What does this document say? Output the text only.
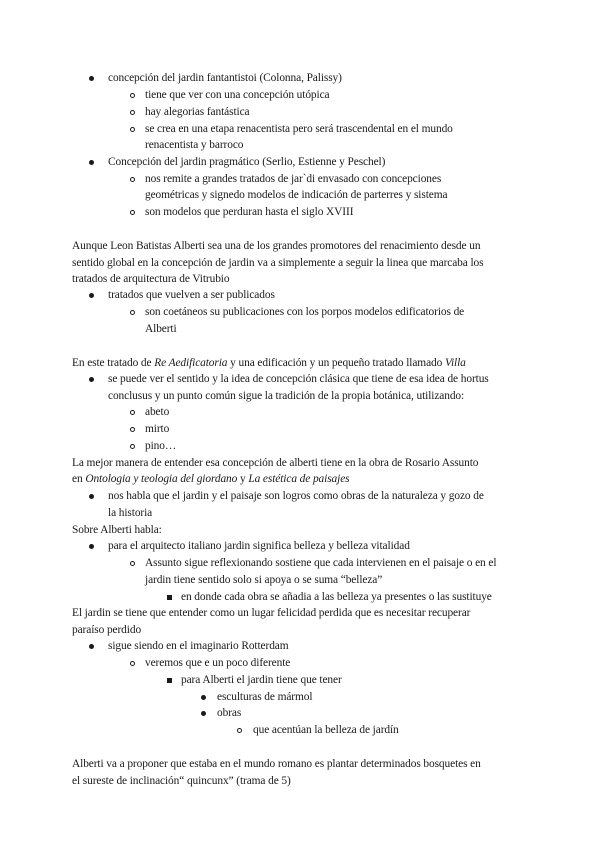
concepción del jardin fantantistoi (Colonna, Palissy)
tiene que ver con una concepción utópica
hay alegorias fantástica
se crea en una etapa renacentista pero será trascendental en el mundo
renacentista y barroco
Concepción del jardin pragmático (Serlio, Estienne y Peschel)
nos remite a grandes tratados de jar`di envasado con concepciones
geométricas y signedo modelos de indicación de parterres y sistema
son modelos que perduran hasta el siglo XVIII
Aunque Leon Batistas Alberti sea una de los grandes promotores del renacimiento desde un
sentido global en la concepción de jardin va a simplemente a seguir la linea que marcaba los
tratados de arquitectura de Vitrubio
tratados que vuelven a ser publicados
son coetáneos su publicaciones con los porpos modelos edificatorios de
Alberti
En este tratado de Re Aedificatoria y una edificación y un pequeño tratado llamado Villa
se puede ver el sentido y la idea de concepción clásica que tiene de esa idea de hortus
conclusus y un punto común sigue la tradición de la propia botánica, utilizando:
abeto
mirto
pino…
La mejor manera de entender esa concepción de alberti tiene en la obra de Rosario Assunto
en Ontologia y teologia del giordano y La estética de paisajes
nos habla que el jardin y el paisaje son logros como obras de la naturaleza y gozo de
la historia
Sobre Alberti habla:
para el arquitecto italiano jardin significa belleza y belleza vitalidad
Assunto sigue reflexionando sostiene que cada intervienen en el paisaje o en el
jardin tiene sentido solo si apoya o se suma “belleza”
en donde cada obra se añadia a las belleza ya presentes o las sustituye
El jardin se tiene que entender como un lugar felicidad perdida que es necesitar recuperar
paraíso perdido
sigue siendo en el imaginario Rotterdam
veremos que e un poco diferente
para Alberti el jardin tiene que tener
esculturas de mármol
obras
que acentúan la belleza de jardín
Alberti va a proponer que estaba en el mundo romano es plantar determinados bosquetes en
el sureste de inclinación“ quincunx” (trama de 5)
